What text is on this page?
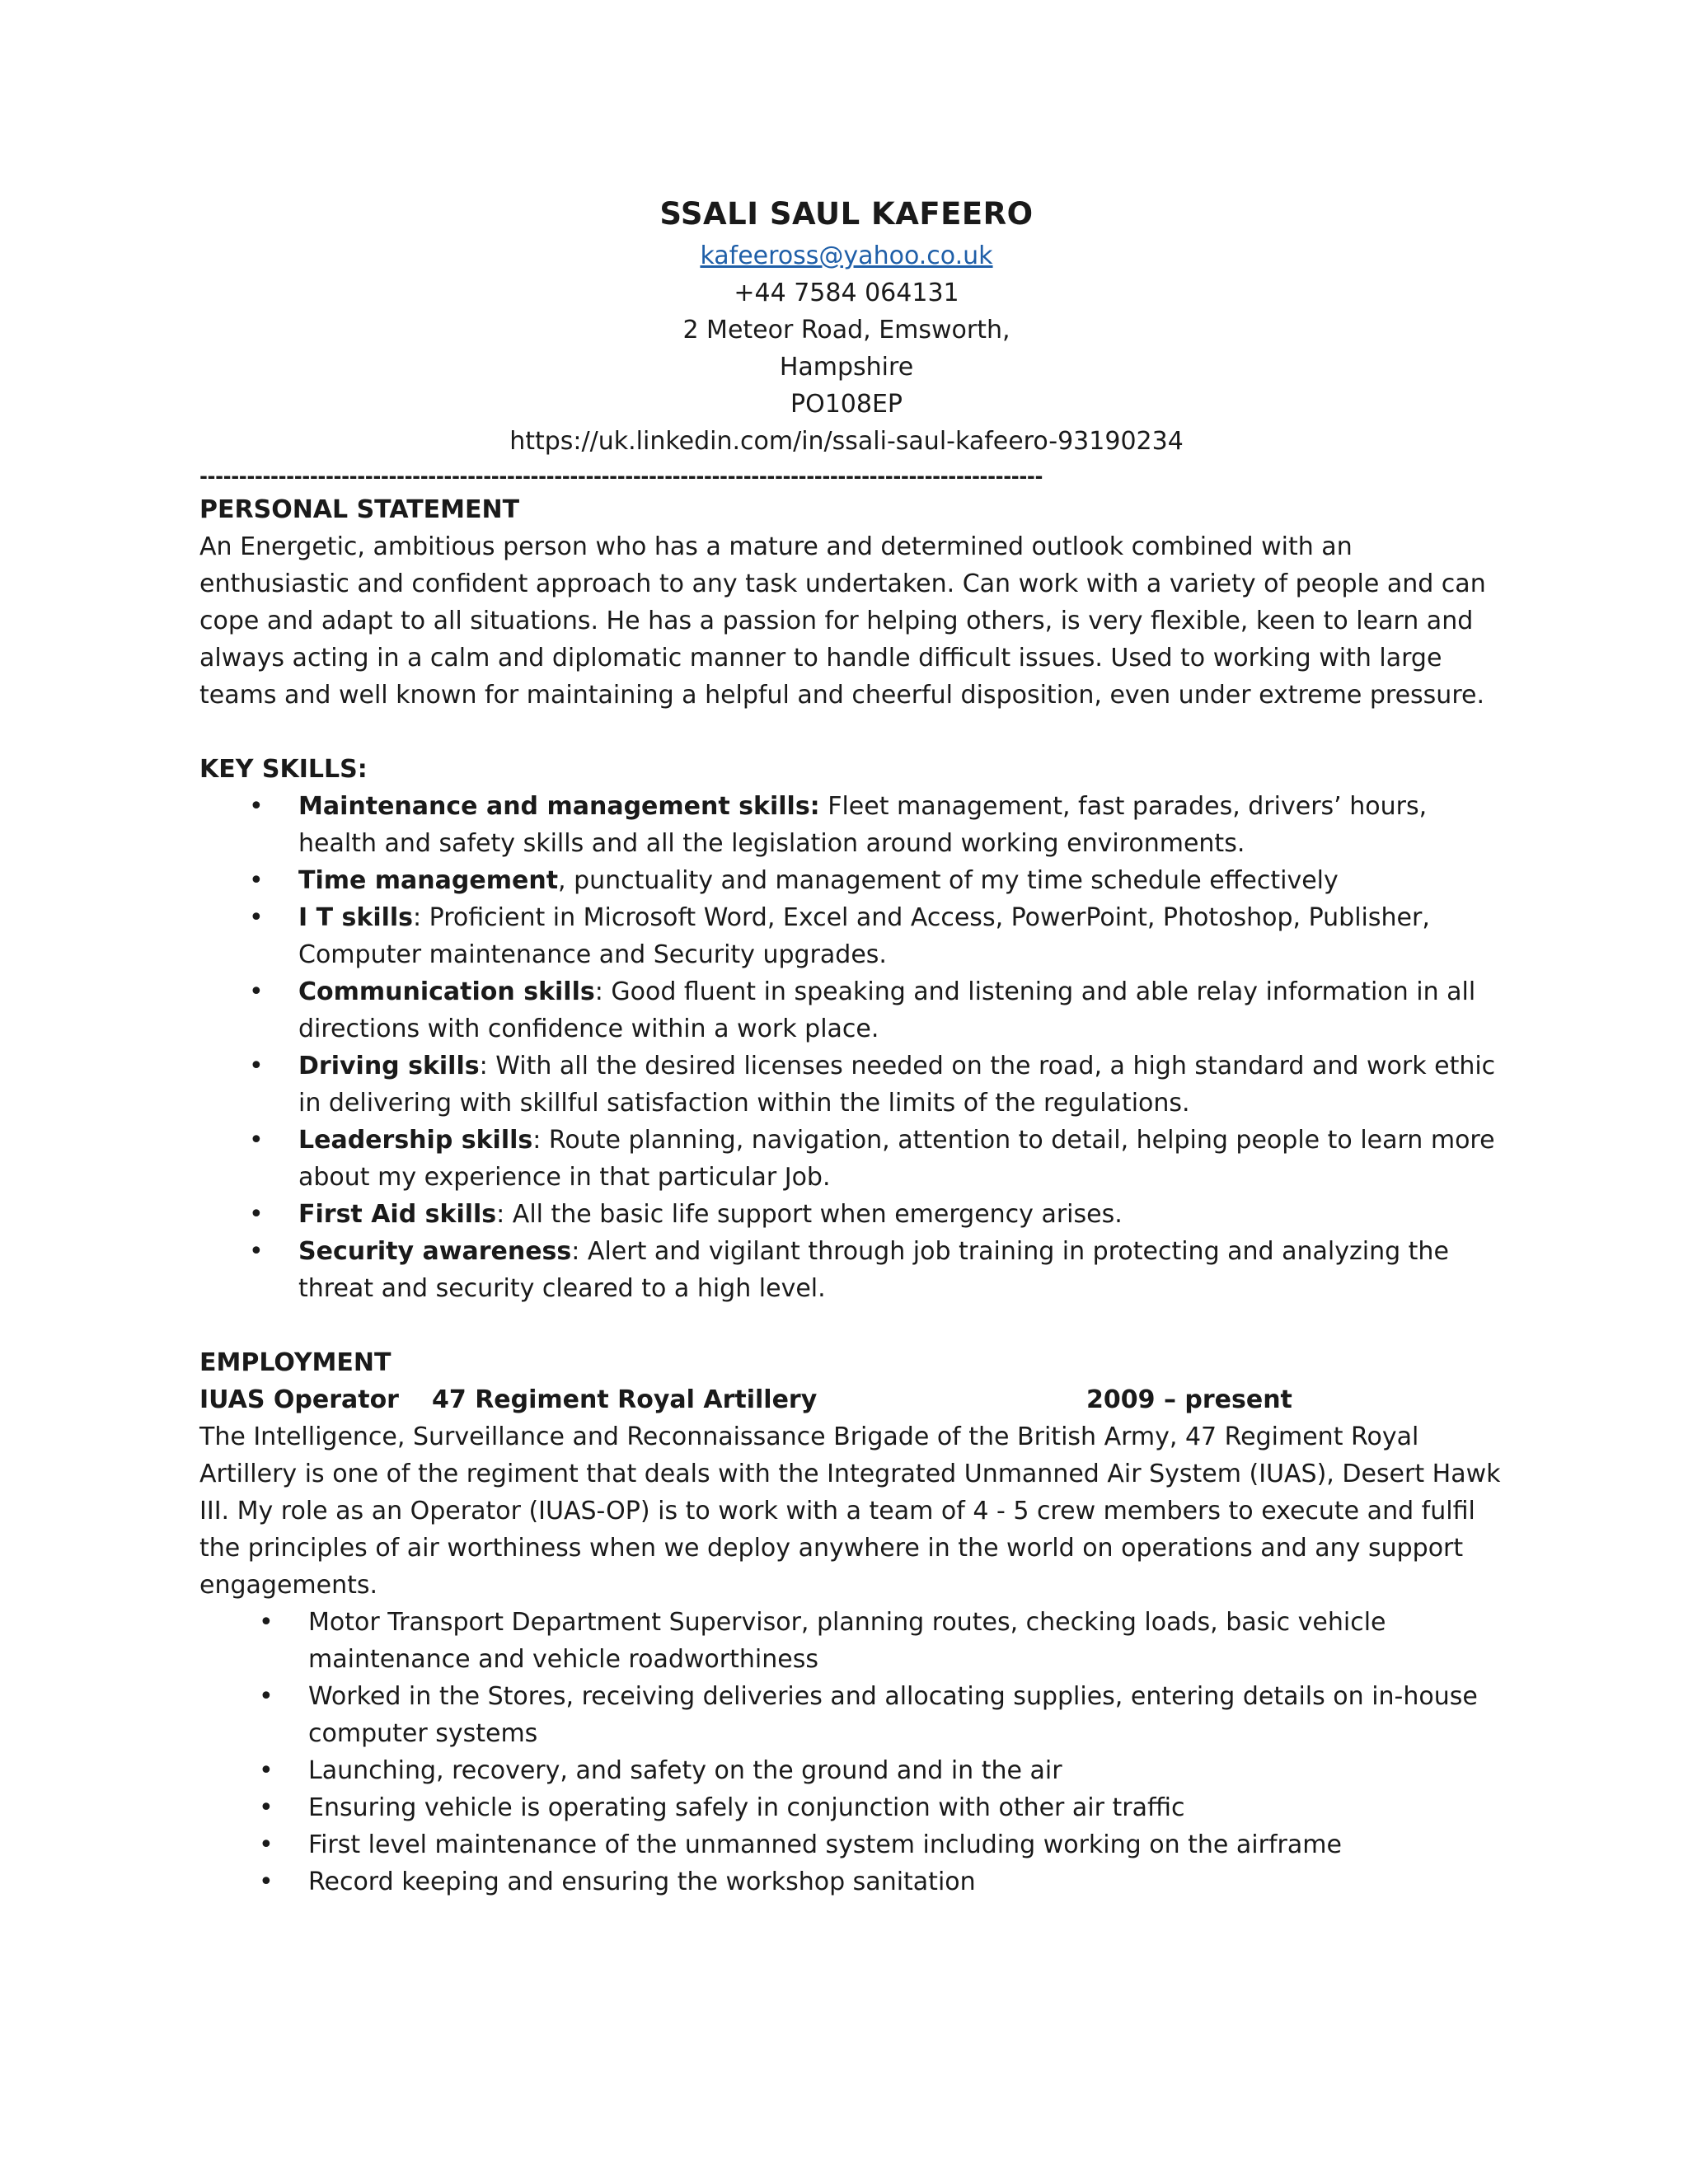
SSALI SAUL KAFEERO
kafeeross@yahoo.co.uk
+44 7584 064131
2 Meteor Road, Emsworth,
Hampshire
PO108EP
https://uk.linkedin.com/in/ssali-saul-kafeero-93190234
-----------------------------------------------------------------------------------------------------------
PERSONAL STATEMENT

An Energetic, ambitious person who has a mature and determined outlook combined with an enthusiastic and confident approach to any task undertaken. Can work with a variety of people and can cope and adapt to all situations. He has a passion for helping others, is very flexible, keen to learn and always acting in a calm and diplomatic manner to handle difficult issues. Used to working with large teams and well known for maintaining a helpful and cheerful disposition, even under extreme pressure.

KEY SKILLS:
• Maintenance and management skills: Fleet management, fast parades, drivers’ hours, health and safety skills and all the legislation around working environments.
• Time management, punctuality and management of my time schedule effectively
• I T skills: Proficient in Microsoft Word, Excel and Access, PowerPoint, Photoshop, Publisher, Computer maintenance and Security upgrades.
• Communication skills: Good fluent in speaking and listening and able relay information in all directions with confidence within a work place.
• Driving skills: With all the desired licenses needed on the road, a high standard and work ethic in delivering with skillful satisfaction within the limits of the regulations.
• Leadership skills: Route planning, navigation, attention to detail, helping people to learn more about my experience in that particular Job.
• First Aid skills: All the basic life support when emergency arises.
• Security awareness: Alert and vigilant through job training in protecting and analyzing the threat and security cleared to a high level.
EMPLOYMENT
IUAS Operator 47 Regiment Royal Artillery	2009 – present

The Intelligence, Surveillance and Reconnaissance Brigade of the British Army, 47 Regiment Royal Artillery is one of the regiment that deals with the Integrated Unmanned Air System (IUAS), Desert Hawk III. My role as an Operator (IUAS-OP) is to work with a team of 4 - 5 crew members to execute and fulfil the principles of air worthiness when we deploy anywhere in the world on operations and any support engagements.

• Motor Transport Department Supervisor, planning routes, checking loads, basic vehicle maintenance and vehicle roadworthiness
• Worked in the Stores, receiving deliveries and allocating supplies, entering details on in-house computer systems
• Launching, recovery, and safety on the ground and in the air
• Ensuring vehicle is operating safely in conjunction with other air traffic
• First level maintenance of the unmanned system including working on the airframe
• Record keeping and ensuring the workshop sanitation
